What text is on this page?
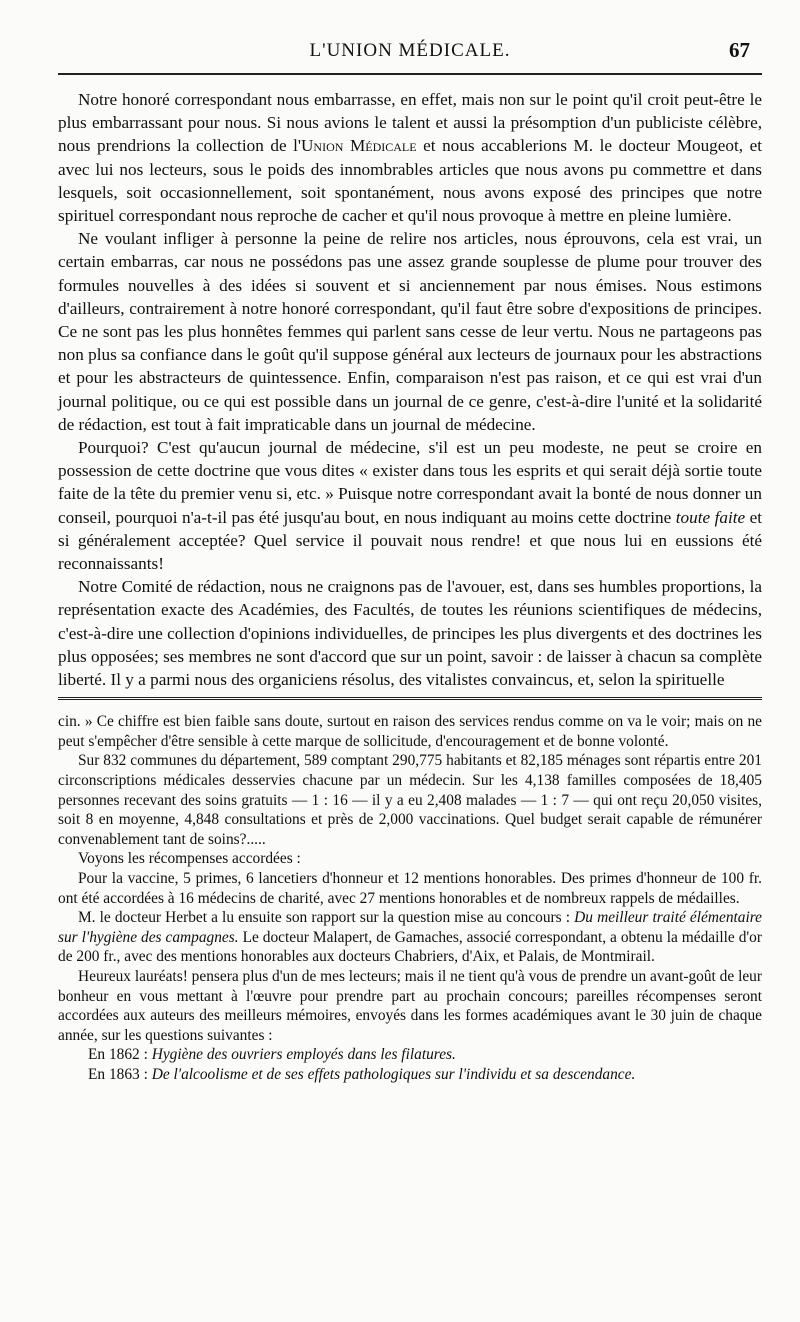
L'UNION MÉDICALE.	67

Notre honoré correspondant nous embarrasse, en effet, mais non sur le point qu'il croit peut-être le plus embarrassant pour nous. Si nous avions le talent et aussi la présomption d'un publiciste célèbre, nous prendrions la collection de l'Union Médicale et nous accablerions M. le docteur Mougeot, et avec lui nos lecteurs, sous le poids des innombrables articles que nous avons pu commettre et dans lesquels, soit occasionnellement, soit spontanément, nous avons exposé des principes que notre spirituel correspondant nous reproche de cacher et qu'il nous provoque à mettre en pleine lumière.

Ne voulant infliger à personne la peine de relire nos articles, nous éprouvons, cela est vrai, un certain embarras, car nous ne possédons pas une assez grande souplesse de plume pour trouver des formules nouvelles à des idées si souvent et si anciennement par nous émises. Nous estimons d'ailleurs, contrairement à notre honoré correspondant, qu'il faut être sobre d'expositions de principes. Ce ne sont pas les plus honnêtes femmes qui parlent sans cesse de leur vertu. Nous ne partageons pas non plus sa confiance dans le goût qu'il suppose général aux lecteurs de journaux pour les abstractions et pour les abstracteurs de quintessence. Enfin, comparaison n'est pas raison, et ce qui est vrai d'un journal politique, ou ce qui est possible dans un journal de ce genre, c'est-à-dire l'unité et la solidarité de rédaction, est tout à fait impraticable dans un journal de médecine.

Pourquoi? C'est qu'aucun journal de médecine, s'il est un peu modeste, ne peut se croire en possession de cette doctrine que vous dites « exister dans tous les esprits et qui serait déjà sortie toute faite de la tête du premier venu si, etc. » Puisque notre correspondant avait la bonté de nous donner un conseil, pourquoi n'a-t-il pas été jusqu'au bout, en nous indiquant au moins cette doctrine toute faite et si généralement acceptée? Quel service il pouvait nous rendre! et que nous lui en eussions été reconnaissants!

Notre Comité de rédaction, nous ne craignons pas de l'avouer, est, dans ses humbles proportions, la représentation exacte des Académies, des Facultés, de toutes les réunions scientifiques de médecins, c'est-à-dire une collection d'opinions individuelles, de principes les plus divergents et des doctrines les plus opposées; ses membres ne sont d'accord que sur un point, savoir : de laisser à chacun sa complète liberté. Il y a parmi nous des organiciens résolus, des vitalistes convaincus, et, selon la spirituelle

cin. » Ce chiffre est bien faible sans doute, surtout en raison des services rendus comme on va le voir; mais on ne peut s'empêcher d'être sensible à cette marque de sollicitude, d'encouragement et de bonne volonté.

Sur 832 communes du département, 589 comptant 290,775 habitants et 82,185 ménages sont répartis entre 201 circonscriptions médicales desservies chacune par un médecin. Sur les 4,138 familles composées de 18,405 personnes recevant des soins gratuits — 1 : 16 — il y a eu 2,408 malades — 1 : 7 — qui ont reçu 20,050 visites, soit 8 en moyenne, 4,848 consultations et près de 2,000 vaccinations. Quel budget serait capable de rémunérer convenablement tant de soins?.....

Voyons les récompenses accordées :

Pour la vaccine, 5 primes, 6 lancetiers d'honneur et 12 mentions honorables. Des primes d'honneur de 100 fr. ont été accordées à 16 médecins de charité, avec 27 mentions honorables et de nombreux rappels de médailles.

M. le docteur Herbet a lu ensuite son rapport sur la question mise au concours : Du meilleur traité élémentaire sur l'hygiène des campagnes. Le docteur Malapert, de Gamaches, associé correspondant, a obtenu la médaille d'or de 200 fr., avec des mentions honorables aux docteurs Chabriers, d'Aix, et Palais, de Montmirail.

Heureux lauréats! pensera plus d'un de mes lecteurs; mais il ne tient qu'à vous de prendre un avant-goût de leur bonheur en vous mettant à l'œuvre pour prendre part au prochain concours; pareilles récompenses seront accordées aux auteurs des meilleurs mémoires, envoyés dans les formes académiques avant le 30 juin de chaque année, sur les questions suivantes :

En 1862 : Hygiène des ouvriers employés dans les filatures.

En 1863 : De l'alcoolisme et de ses effets pathologiques sur l'individu et sa descendance.
